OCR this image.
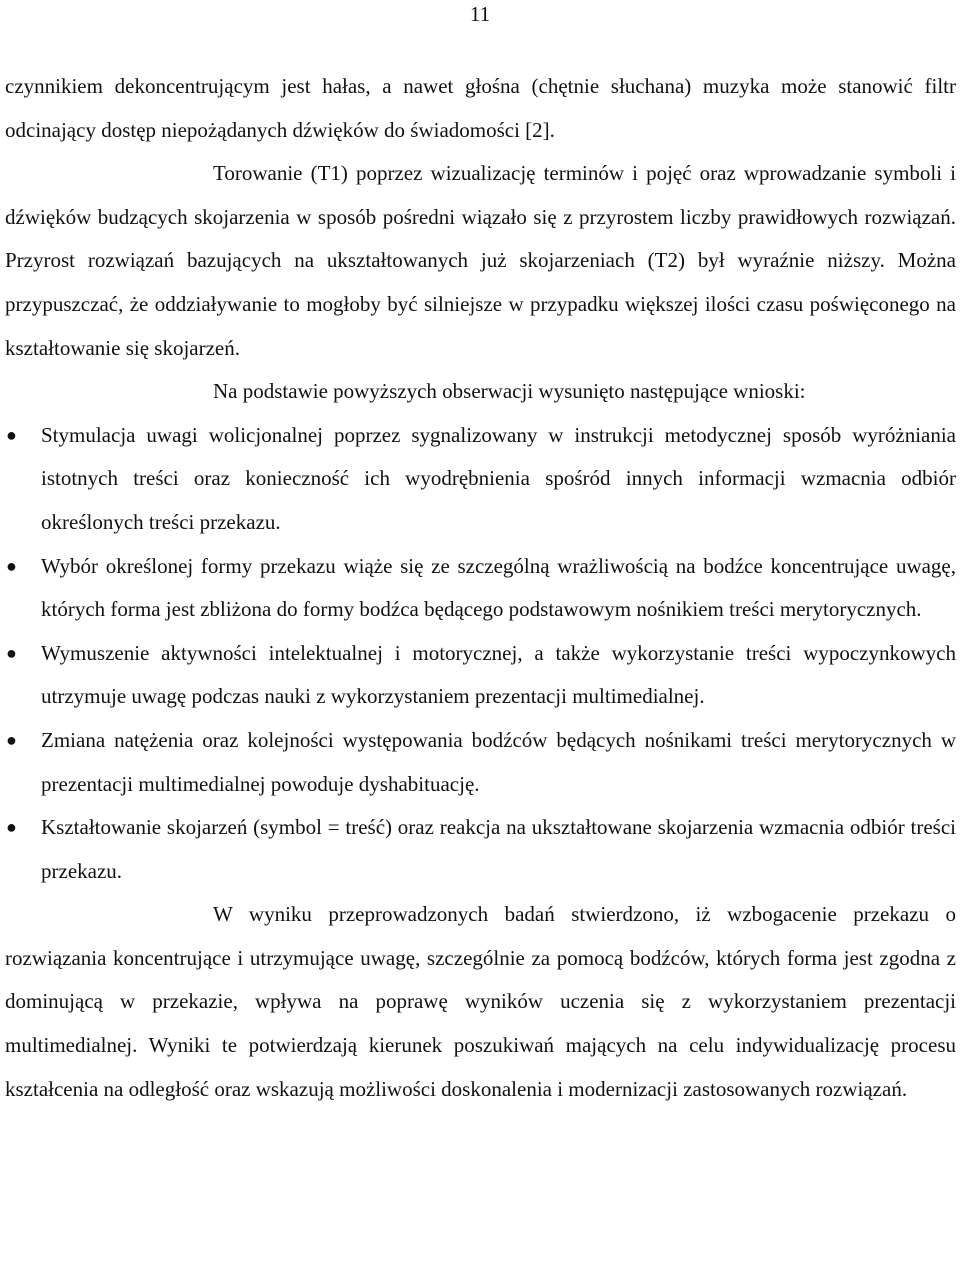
11

czynnikiem dekoncentrującym jest hałas, a nawet głośna (chętnie słuchana) muzyka może stanowić filtr odcinający dostęp niepożądanych dźwięków do świadomości [2].

Torowanie (T1) poprzez wizualizację terminów i pojęć oraz wprowadzanie symboli i dźwięków budzących skojarzenia w sposób pośredni wiązało się z przyrostem liczby prawidłowych rozwiązań. Przyrost rozwiązań bazujących na ukształtowanych już skojarzeniach (T2) był wyraźnie niższy. Można przypuszczać, że oddziaływanie to mogłoby być silniejsze w przypadku większej ilości czasu poświęconego na kształtowanie się skojarzeń.

Na podstawie powyższych obserwacji wysunięto następujące wnioski:

● Stymulacja uwagi wolicjonalnej poprzez sygnalizowany w instrukcji metodycznej sposób wyróżniania istotnych treści oraz konieczność ich wyodrębnienia spośród innych informacji wzmacnia odbiór określonych treści przekazu.
● Wybór określonej formy przekazu wiąże się ze szczególną wrażliwością na bodźce koncentrujące uwagę, których forma jest zbliżona do formy bodźca będącego podstawowym nośnikiem treści merytorycznych.
● Wymuszenie aktywności intelektualnej i motorycznej, a także wykorzystanie treści wypoczynkowych utrzymuje uwagę podczas nauki z wykorzystaniem prezentacji multimedialnej.
● Zmiana natężenia oraz kolejności występowania bodźców będących nośnikami treści merytorycznych w prezentacji multimedialnej powoduje dyshabituację.
● Kształtowanie skojarzeń (symbol = treść) oraz reakcja na ukształtowane skojarzenia wzmacnia odbiór treści przekazu.

W wyniku przeprowadzonych badań stwierdzono, iż wzbogacenie przekazu o rozwiązania koncentrujące i utrzymujące uwagę, szczególnie za pomocą bodźców, których forma jest zgodna z dominującą w przekazie, wpływa na poprawę wyników uczenia się z wykorzystaniem prezentacji multimedialnej. Wyniki te potwierdzają kierunek poszukiwań mających na celu indywidualizację procesu kształcenia na odległość oraz wskazują możliwości doskonalenia i modernizacji zastosowanych rozwiązań.
